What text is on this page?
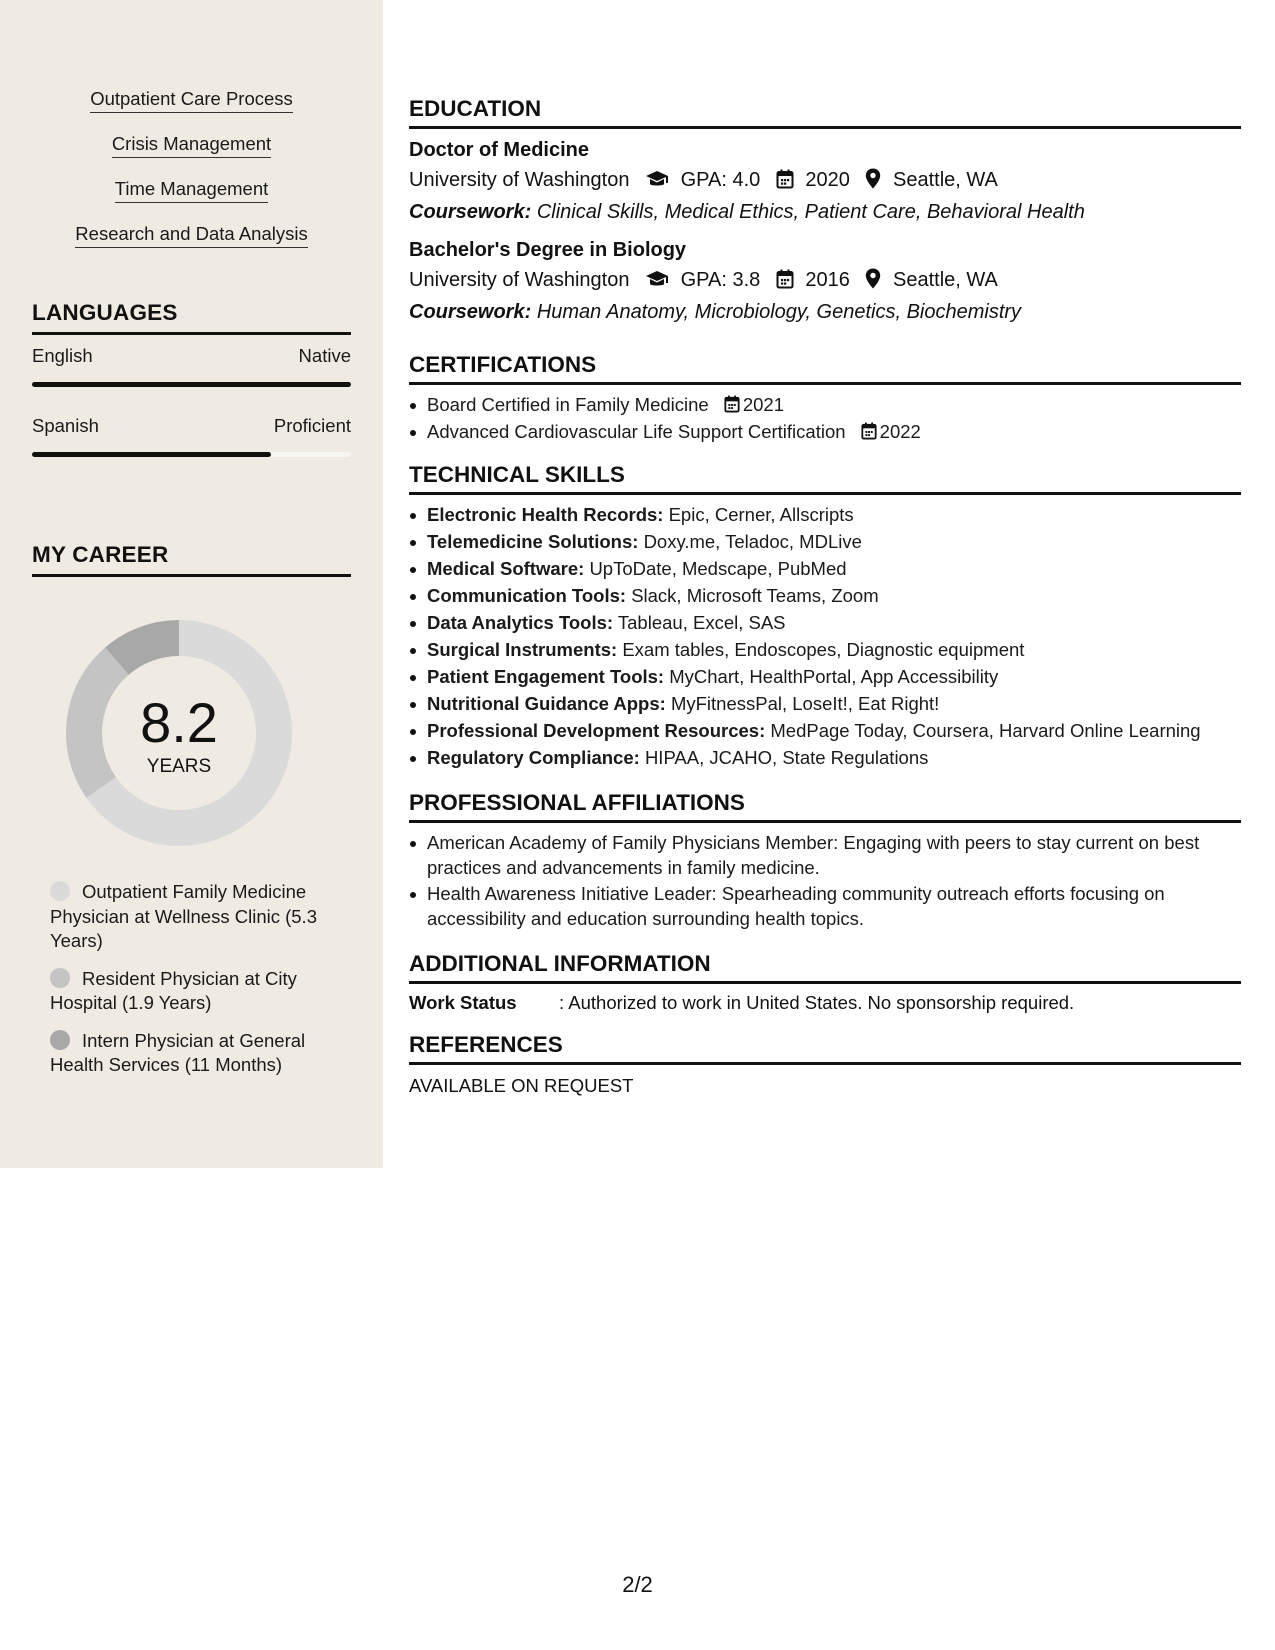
Outpatient Care Process
Crisis Management
Time Management
Research and Data Analysis
LANGUAGES
English	Native
Spanish	Proficient
MY CAREER
8.2
YEARS
Outpatient Family Medicine Physician at Wellness Clinic (5.3 Years)
Resident Physician at City Hospital (1.9 Years)
Intern Physician at General Health Services (11 Months)
EDUCATION
Doctor of Medicine
University of Washington	GPA: 4.0 2020 Seattle, WA
Coursework: Clinical Skills, Medical Ethics, Patient Care, Behavioral Health
Bachelor's Degree in Biology
University of Washington	GPA: 3.8 2016 Seattle, WA
Coursework: Human Anatomy, Microbiology, Genetics, Biochemistry
CERTIFICATIONS
Board Certified in Family Medicine 2021
Advanced Cardiovascular Life Support Certification 2022
TECHNICAL SKILLS
Electronic Health Records: Epic, Cerner, Allscripts
Telemedicine Solutions: Doxy.me, Teladoc, MDLive
Medical Software: UpToDate, Medscape, PubMed
Communication Tools: Slack, Microsoft Teams, Zoom
Data Analytics Tools: Tableau, Excel, SAS
Surgical Instruments: Exam tables, Endoscopes, Diagnostic equipment
Patient Engagement Tools: MyChart, HealthPortal, App Accessibility
Nutritional Guidance Apps: MyFitnessPal, LoseIt!, Eat Right!
Professional Development Resources: MedPage Today, Coursera, Harvard Online Learning
Regulatory Compliance: HIPAA, JCAHO, State Regulations
PROFESSIONAL AFFILIATIONS
American Academy of Family Physicians Member: Engaging with peers to stay current on best practices and advancements in family medicine.
Health Awareness Initiative Leader: Spearheading community outreach efforts focusing on accessibility and education surrounding health topics.
ADDITIONAL INFORMATION
Work Status	: Authorized to work in United States. No sponsorship required.
REFERENCES
AVAILABLE ON REQUEST
2/2
